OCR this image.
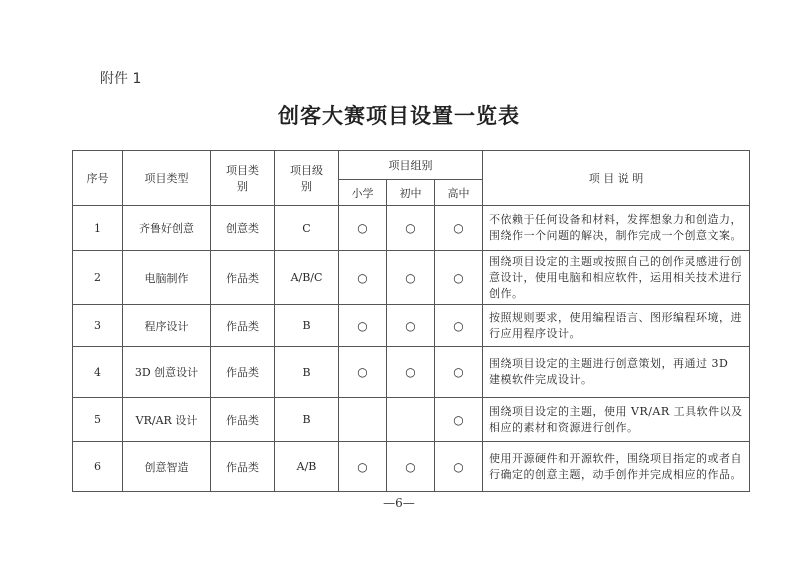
附件 1
创客大赛项目设置一览表
序号	项目类型	项目类别	项目级别	项目组别			项 目 说 明
				小学	初中	高中	
1	齐鲁好创意	创意类	C	○	○	○	不依赖于任何设备和材料，发挥想象力和创造力，围绕作一个问题的解决，制作完成一个创意文案。
2	电脑制作	作品类	A/B/C	○	○	○	围绕项目设定的主题或按照自己的创作灵感进行创意设计，使用电脑和相应软件，运用相关技术进行创作。
3	程序设计	作品类	B	○	○	○	按照规则要求，使用编程语言、图形编程环境，进行应用程序设计。
4	3D 创意设计	作品类	B	○	○	○	围绕项目设定的主题进行创意策划，再通过 3D 建模软件完成设计。
5	VR/AR 设计	作品类	B			○	围绕项目设定的主题，使用 VR/AR 工具软件以及相应的素材和资源进行创作。
6	创意智造	作品类	A/B	○	○	○	使用开源硬件和开源软件，围绕项目指定的或者自行确定的创意主题，动手创作并完成相应的作品。
—6—
